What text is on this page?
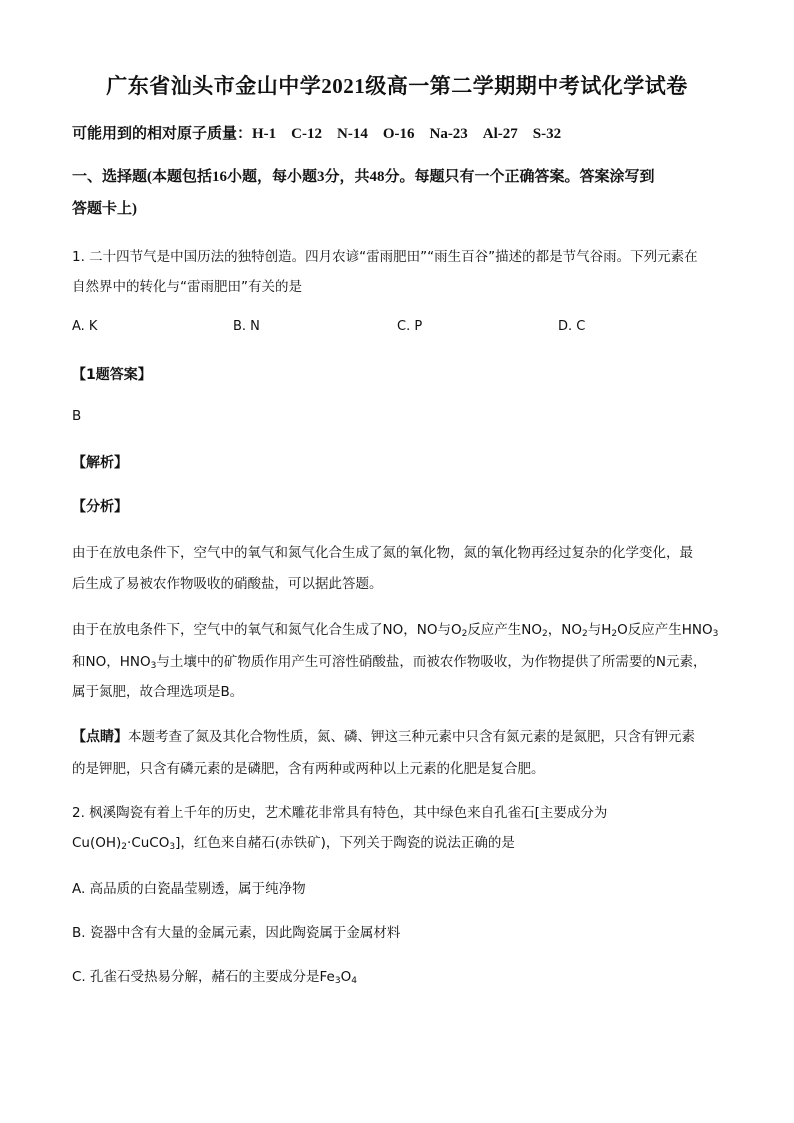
广东省汕头市金山中学2021级高一第二学期期中考试化学试卷
可能用到的相对原子质量：H-1　C-12　N-14　O-16　Na-23　Al-27　S-32
一、选择题(本题包括16小题，每小题3分，共48分。每题只有一个正确答案。答案涂写到
答题卡上)
1. 二十四节气是中国历法的独特创造。四月农谚“雷雨肥田”“雨生百谷”描述的都是节气谷雨。下列元素在
自然界中的转化与“雷雨肥田”有关的是
A. K	B. N	C. P	D. C
【1题答案】
B
【解析】
【分析】
由于在放电条件下，空气中的氧气和氮气化合生成了氮的氧化物，氮的氧化物再经过复杂的化学变化，最
后生成了易被农作物吸收的硝酸盐，可以据此答题。
由于在放电条件下，空气中的氧气和氮气化合生成了NO，NO与$O_2$反应产生$NO_2$，$NO_2$与$H_2O$反应产生$HNO_3$
和NO，$HNO_3$与土壤中的矿物质作用产生可溶性硝酸盐，而被农作物吸收，为作物提供了所需要的N元素，
属于氮肥，故合理选项是B。
【点睛】本题考查了氮及其化合物性质，氮、磷、钾这三种元素中只含有氮元素的是氮肥，只含有钾元素
的是钾肥，只含有磷元素的是磷肥，含有两种或两种以上元素的化肥是复合肥。
2. 枫溪陶瓷有着上千年的历史，艺术雕花非常具有特色，其中绿色来自孔雀石[主要成分为
$Cu(OH)_2\cdot CuCO_3$]，红色来自赭石(赤铁矿)，下列关于陶瓷的说法正确的是
A. 高品质的白瓷晶莹剔透，属于纯净物
B. 瓷器中含有大量的金属元素，因此陶瓷属于金属材料
C. 孔雀石受热易分解，赭石的主要成分是$Fe_3O_4$
